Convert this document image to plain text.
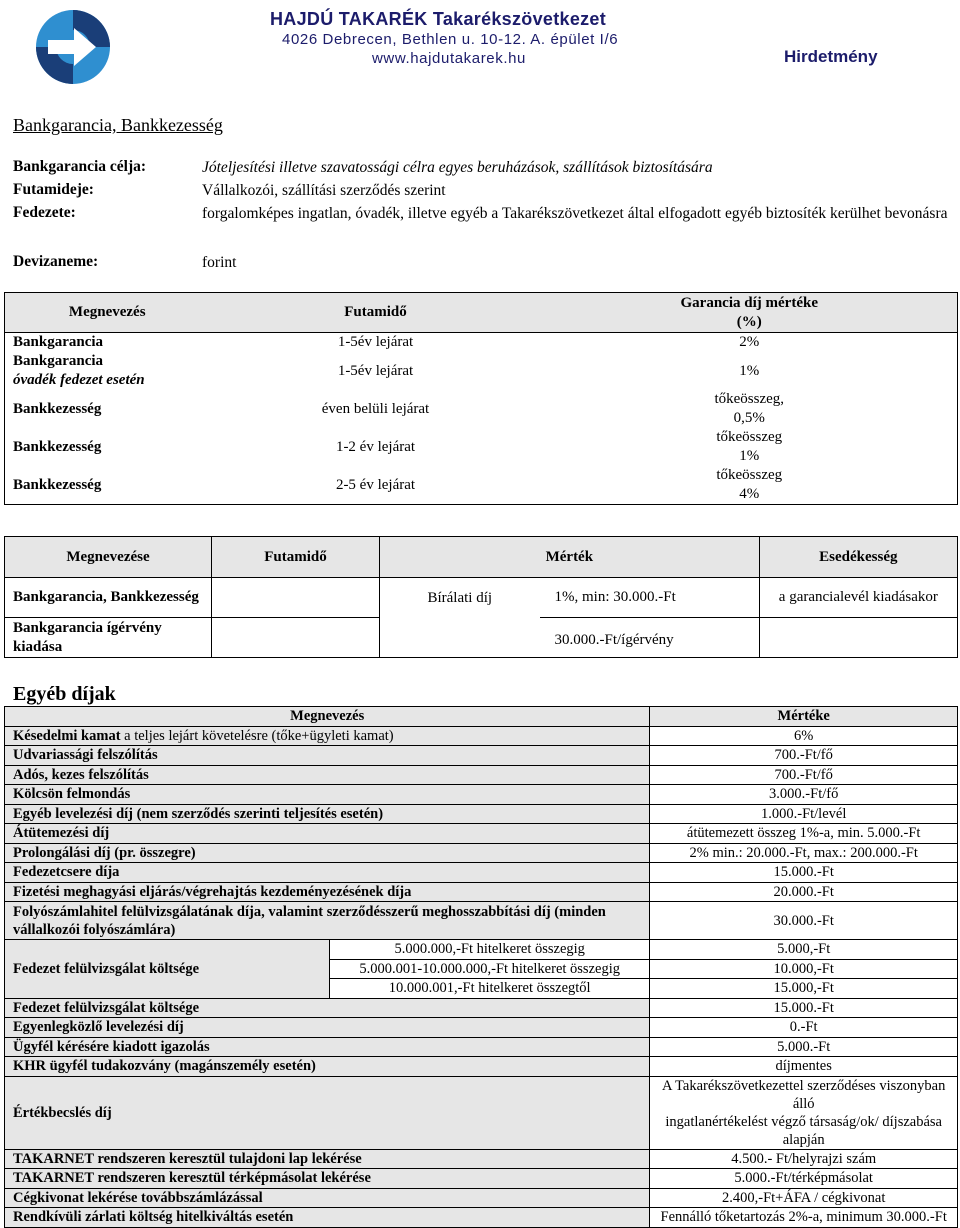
HAJDÚ TAKARÉK Takarékszövetkezet
4026 Debrecen, Bethlen u. 10-12. A. épület I/6
www.hajdutakarek.hu	Hirdetmény
Bankgarancia, Bankkezesség
Bankgarancia célja:	Jóteljesítési illetve szavatossági célra egyes beruházások, szállítások biztosítására
Futamideje:	Vállalkozói, szállítási szerződés szerint
Fedezete:	forgalomképes ingatlan, óvadék, illetve egyéb a Takarékszövetkezet által elfogadott egyéb biztosíték kerülhet bevonásra
Devizaneme:	forint
Megnevezés	Futamidő	Garancia díj mértéke
(%)

Bankgarancia	1-5év lejárat	2%

Bankgarancia
óvadék fedezet esetén	1-5év lejárat	1%
Bankkezesség	éven belüli lejárat	tőkeösszeg,
0,5%

Bankkezesség	1-2 év lejárat	tőkeösszeg
1%

Bankkezesség	2-5 év lejárat	tőkeösszeg
4%
Megnevezése	Futamidő	Mérték		Esedékesség
Bankgarancia, Bankkezesség		Bírálati díj	1%, min: 30.000.-Ft	a garancialevél kiadásakor
Bankgarancia ígérvény kiadása			30.000.-Ft/ígérvény	
Egyéb díjak
Megnevezés		Mértéke
Késedelmi kamat a teljes lejárt követelésre (tőke+ügyleti kamat)		6%
Udvariassági felszólítás		700.-Ft/fő
Adós, kezes felszólítás		700.-Ft/fő
Kölcsön felmondás		3.000.-Ft/fő
Egyéb levelezési díj (nem szerződés szerinti teljesítés esetén)		1.000.-Ft/levél
Átütemezési díj		átütemezett összeg 1%-a, min. 5.000.-Ft
Prolongálási díj (pr. összegre)		2% min.: 20.000.-Ft, max.: 200.000.-Ft
Fedezetcsere díja		15.000.-Ft
Fizetési meghagyási eljárás/végrehajtás kezdeményezésének díja		20.000.-Ft
Folyószámlahitel felülvizsgálatának díja, valamint szerződésszerű meghosszabbítási díj (minden vállalkozói folyószámlára)		30.000.-Ft
Fedezet felülvizsgálat költsége	5.000.000,-Ft hitelkeret összegig	5.000,-Ft
	5.000.001-10.000.000,-Ft hitelkeret összegig	10.000,-Ft
	10.000.001,-Ft hitelkeret összegtől	15.000,-Ft
Fedezet felülvizsgálat költsége		15.000.-Ft
Egyenlegközlő levelezési díj		0.-Ft
Ügyfél kérésére kiadott igazolás		5.000.-Ft
KHR ügyfél tudakozvány (magánszemély esetén)		díjmentes
Értékbecslés díj		A Takarékszövetkezettel szerződéses viszonyban álló
ingatlanértékelést végző társaság/ok/ díjszabása alapján

TAKARNET rendszeren keresztül tulajdoni lap lekérése		4.500.- Ft/helyrajzi szám
TAKARNET rendszeren keresztül térképmásolat lekérése		5.000.-Ft/térképmásolat
Cégkivonat lekérése továbbszámlázással		2.400,-Ft+ÁFA / cégkivonat
Rendkívüli zárlati költség hitelkiváltás esetén		Fennálló tőketartozás 2%-a, minimum 30.000.-Ft
